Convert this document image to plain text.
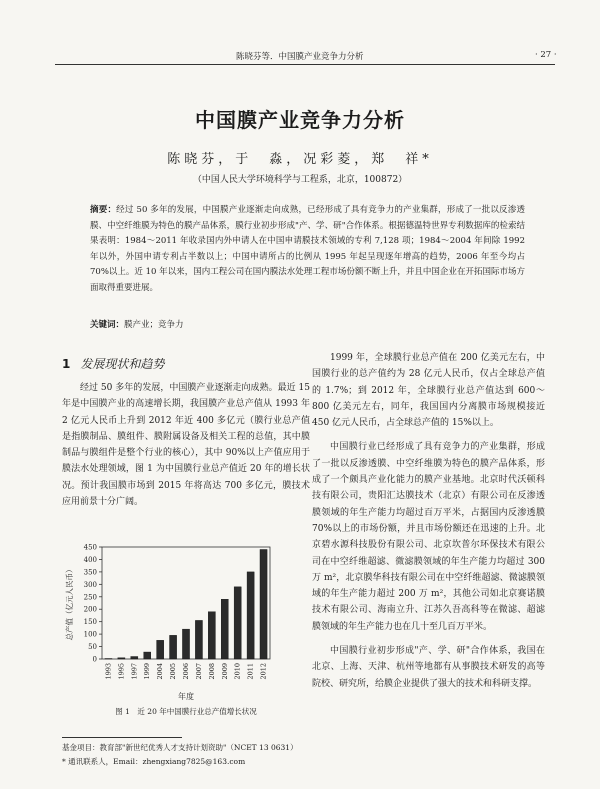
陈晓芬等．中国膜产业竞争力分析	· 27 ·
中国膜产业竞争力分析
陈晓芬，于　淼，况彩菱，郑　祥*
（中国人民大学环境科学与工程系，北京，100872）
摘要：经过 50 多年的发展，中国膜产业逐渐走向成熟，已经形成了具有竞争力的产业集群，形成了一批以反渗透膜、中空纤维膜为特色的膜产品体系，膜行业初步形成"产、学、研"合作体系。根据德温特世界专利数据库的检索结果表明：1984～2011 年收录国内外申请人在中国申请膜技术领域的专利 7,128 项；1984～2004 年间除 1992 年以外，外国申请专利占半数以上；中国申请所占的比例从 1995 年起呈现逐年增高的趋势，2006 年至今均占 70%以上。近 10 年以来，国内工程公司在国内膜法水处理工程市场份额不断上升，并且中国企业在开拓国际市场方面取得重要进展。
关键词：膜产业；竞争力
1 发展现状和趋势

经过 50 多年的发展，中国膜产业逐渐走向成熟。最近 15 年是中国膜产业的高速增长期，我国膜产业总产值从 1993 年 2 亿元人民币上升到 2012 年近 400 多亿元（膜行业总产值是指膜制品、膜组件、膜附属设备及相关工程的总值，其中膜制品与膜组件是整个行业的核心），其中 90%以上产值应用于膜法水处理领域，图 1 为中国膜行业总产值近 20 年的增长状况。预计我国膜市场到 2015 年将高达 700 多亿元，膜技术应用前景十分广阔。

1999 年，全球膜行业总产值在 200 亿美元左右，中国膜行业的总产值约为 28 亿元人民币，仅占全球总产值的 1.7%；到 2012 年，全球膜行业总产值达到 600～800 亿美元左右，同年，我国国内分离膜市场规模接近 450 亿元人民币，占全球总产值的 15%以上。

中国膜行业已经形成了具有竞争力的产业集群，形成了一批以反渗透膜、中空纤维膜为特色的膜产品体系，形成了一个颇具产业化能力的膜产业基地。北京时代沃顿科技有限公司，贵阳汇达膜技术（北京）有限公司在反渗透膜领域的年生产能力均超过百万平米，占据国内反渗透膜 70%以上的市场份额，并且市场份额还在迅速的上升。北京碧水源科技股份有限公司、北京坎普尔环保技术有限公司在中空纤维超滤、微滤膜领域的年生产能力均超过 300 万 m²，北京膜华科技有限公司在中空纤维超滤、微滤膜领域的年生产能力超过 200 万 m²，其他公司如北京赛诺膜技术有限公司、海南立升、江苏久吾高科等在微滤、超滤膜领域的年生产能力也在几十至几百万平米。

中国膜行业初步形成"产、学、研"合作体系，我国在北京、上海、天津、杭州等地都有从事膜技术研发的高等院校、研究所，给膜企业提供了强大的技术和科研支撑。

0
50
100
150
200
250
300
350
400
450
1993 1995 1997 1999 2004 2005 2006 2007 2008 2009 2010 2011 2012
总产值（亿元人民币）
年度
图 1　近 20 年中国膜行业总产值增长状况
基金项目：教育部"新世纪优秀人才支持计划资助"（NCET 13 0631）
* 通讯联系人，Email：zhengxiang7825@163.com
